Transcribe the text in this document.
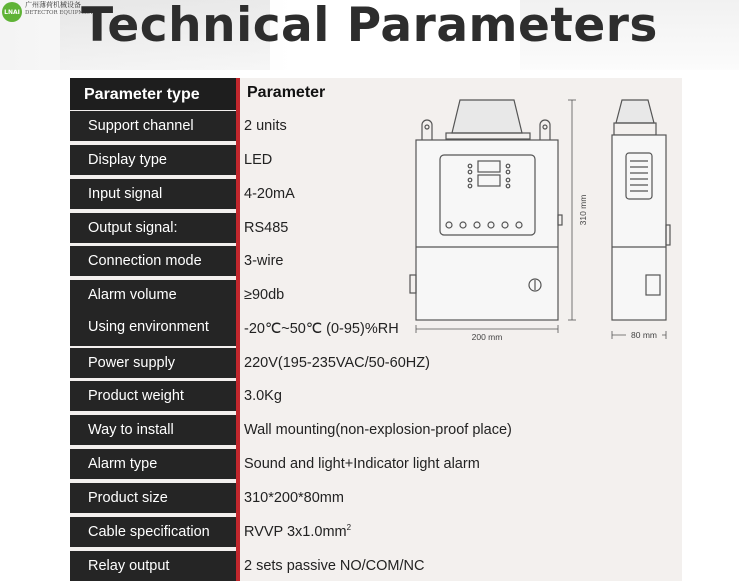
LNAI
广州薄荷机械设备
DETECTOR EQUIPMENT
Technical Parameters
Parameter type	Parameter
Support channel	2 units
Display type	LED
Input signal	4-20mA
Output signal:	RS485
Connection mode	3-wire
Alarm volume	≥90db
Using environment	-20℃~50℃ (0-95)%RH
Power supply	220V(195-235VAC/50-60HZ)
Product weight	3.0Kg
Way to install	Wall mounting(non-explosion-proof place)
Alarm type	Sound and light+Indicator light alarm
Product size	310*200*80mm
Cable specification	RVVP $3x1.0mm^2$
Relay output	2 sets passive NO/COM/NC
200 mm
310 mm
80 mm
